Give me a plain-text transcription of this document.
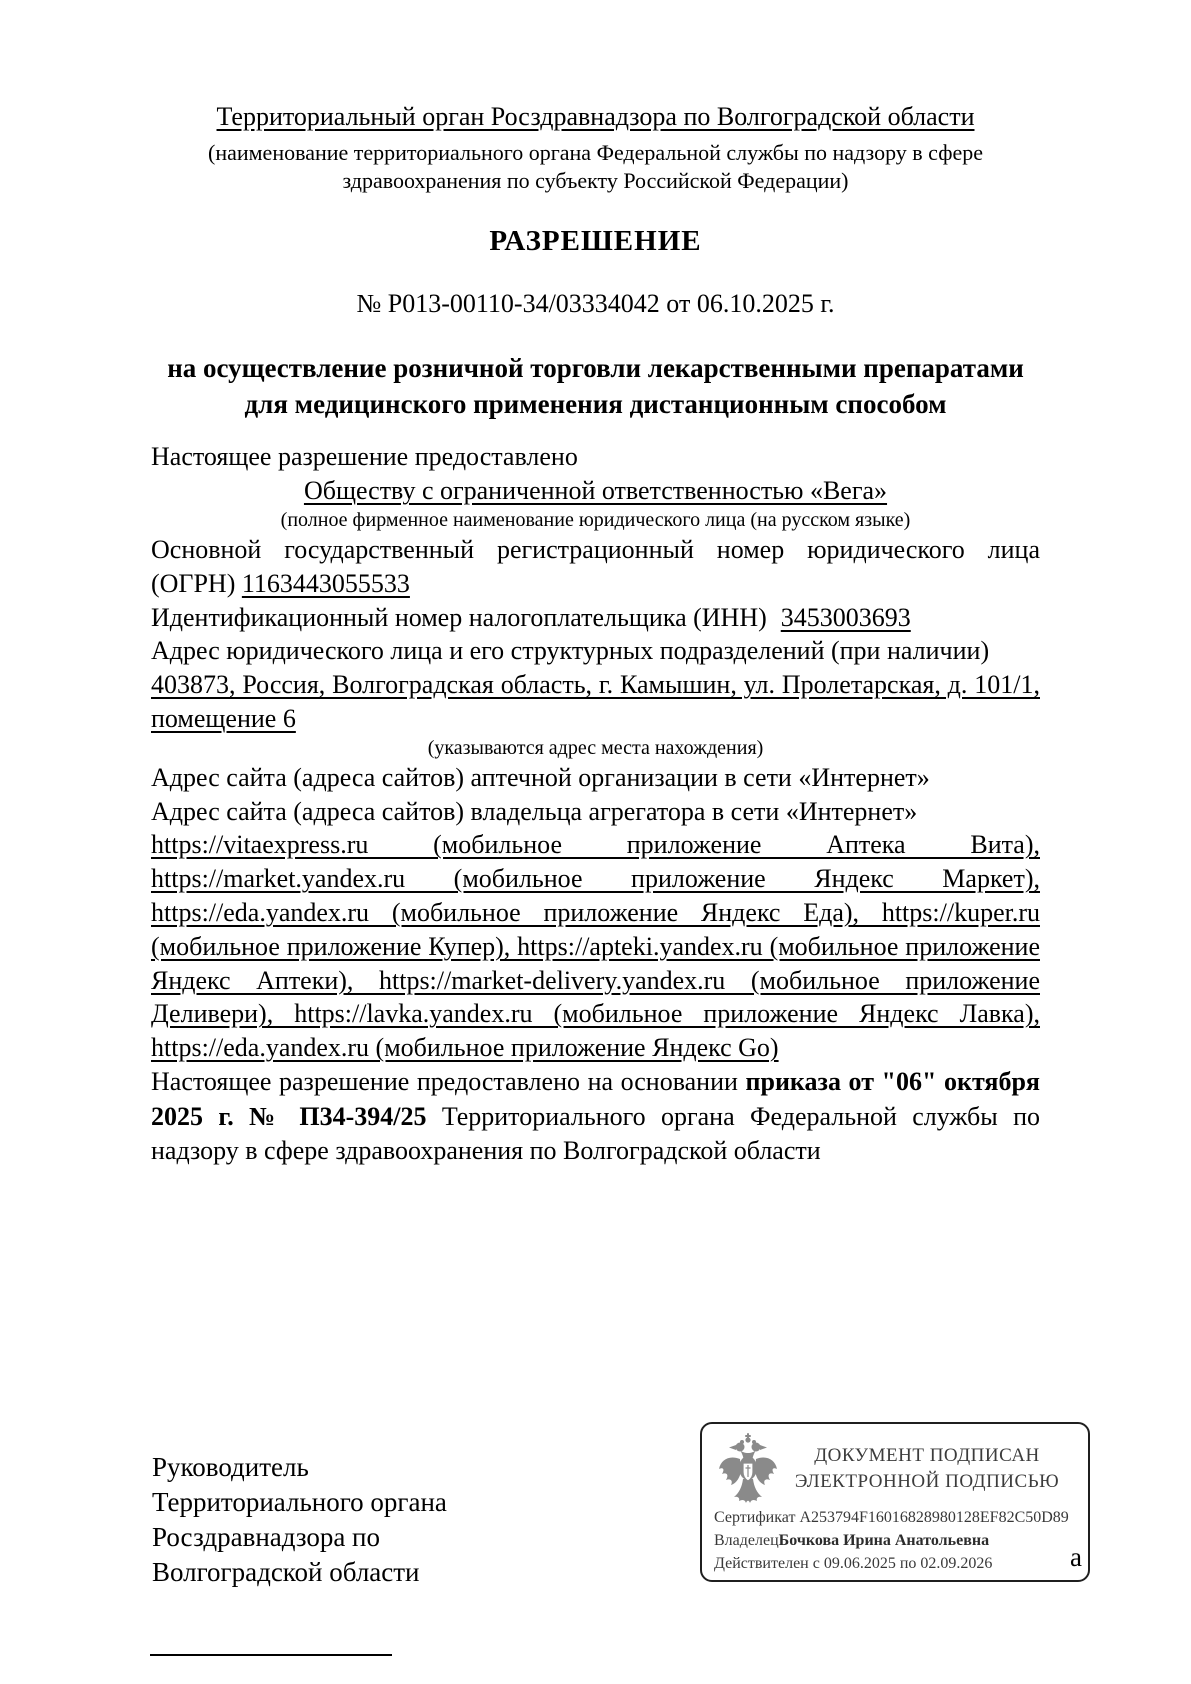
Территориальный орган Росздравнадзора по Волгоградской области
(наименование территориального органа Федеральной службы по надзору в сфере
здравоохранения по субъекту Российской Федерации)
РАЗРЕШЕНИЕ
№ Р013-00110-34/03334042 от 06.10.2025 г.
на осуществление розничной торговли лекарственными препаратами
для медицинского применения дистанционным способом
Настоящее разрешение предоставлено
Обществу с ограниченной ответственностью «Вега»
(полное фирменное наименование юридического лица (на русском языке)

Основной государственный регистрационный номер юридического лица (ОГРН) 1163443055533

Идентификационный номер налогоплательщика (ИНН) 3453003693

Адрес юридического лица и его структурных подразделений (при наличии)

403873, Россия, Волгоградская область, г. Камышин, ул. Пролетарская, д. 101/1, помещение 6

(указываются адрес места нахождения)

Адрес сайта (адреса сайтов) аптечной организации в сети «Интернет»

Адрес сайта (адреса сайтов) владельца агрегатора в сети «Интернет»
https://vitaexpress.ru (мобильное приложение Аптека Вита), https://market.yandex.ru (мобильное приложение Яндекс Маркет), https://eda.yandex.ru (мобильное приложение Яндекс Еда), https://kuper.ru (мобильное приложение Купер), https://apteki.yandex.ru (мобильное приложение Яндекс Аптеки), https://market-delivery.yandex.ru (мобильное приложение Деливери), https://lavka.yandex.ru (мобильное приложение Яндекс Лавка), https://eda.yandex.ru (мобильное приложение Яндекс Go)

Настоящее разрешение предоставлено на основании приказа от "06" октября 2025 г. № П34-394/25 Территориального органа Федеральной службы по надзору в сфере здравоохранения по Волгоградской области

Руководитель
Территориального органа
Росздравнадзора по
Волгоградской области
ДОКУМЕНТ ПОДПИСАН
ЭЛЕКТРОННОЙ ПОДПИСЬЮ
Сертификат A253794F16016828980128EF82C50D89
ВладелецБочкова Ирина Анатольевна
Действителен с 09.06.2025 по 02.09.2026	а
